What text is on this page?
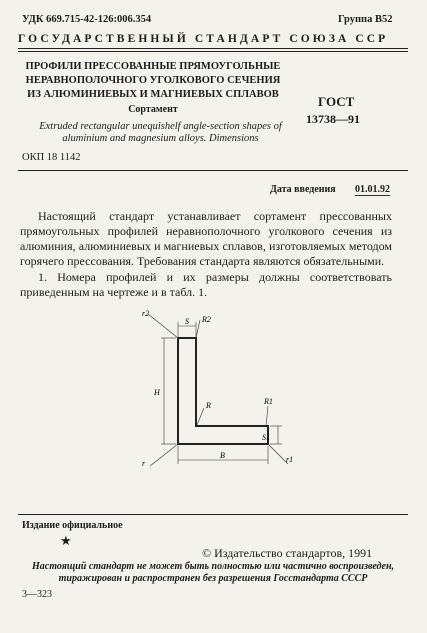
УДК 669.715-42-126:006.354	Группа В52
ГОСУДАРСТВЕННЫЙ СТАНДАРТ СОЮЗА ССР
ПРОФИЛИ ПРЕССОВАННЫЕ ПРЯМОУГОЛЬНЫЕ
НЕРАВНОПОЛОЧНОГО УГОЛКОВОГО СЕЧЕНИЯ
ИЗ АЛЮМИНИЕВЫХ И МАГНИЕВЫХ СПЛАВОВ
Сортамент
Extruded rectangular unequishelf angle-section shapes of
aluminium and magnesium alloys. Dimensions
ГОСТ
13738—91
ОКП 18 1142
Дата введения 01.01.92
Настоящий стандарт устанавливает сортамент прессованных прямоугольных профилей неравнополочного уголкового сечения из алюминия, алюминиевых и магниевых сплавов, изготовляемых методом горячего прессования. Требования стандарта являются обязательными.
1. Номера профилей и их размеры должны соответствовать приведенным на чертеже и в табл. 1.
r2
S R2
H
R	R1
S1
r
B	r1
Издание официальное
★
© Издательство стандартов, 1991
Настоящий стандарт не может быть полностью или частично воспроизведен,
тиражирован и распространен без разрешения Госстандарта СССР
3—323
